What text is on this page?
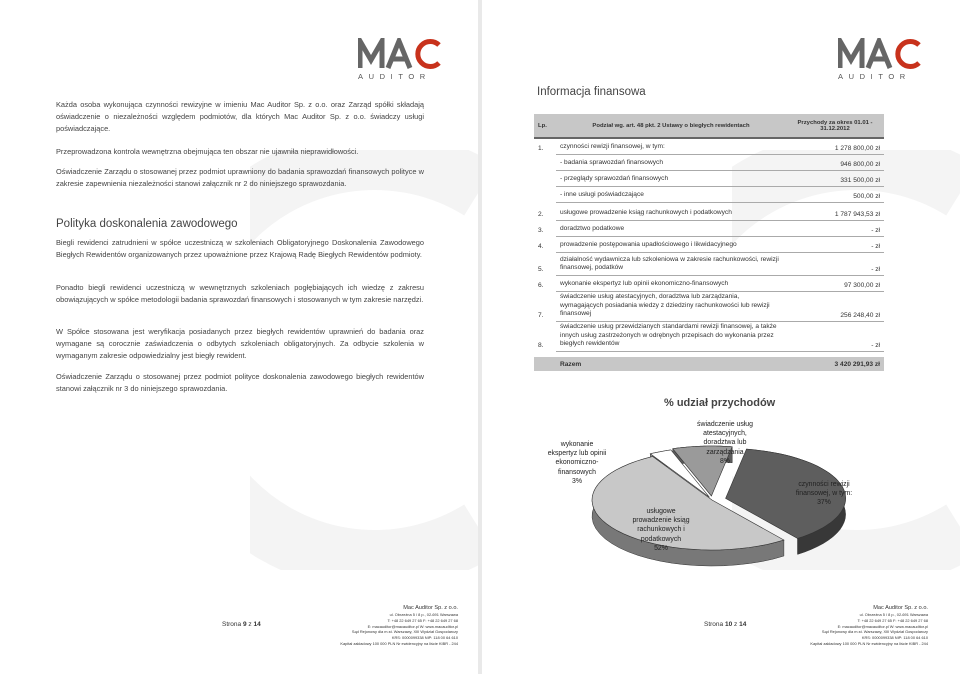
AUDITOR
Każda osoba wykonująca czynności rewizyjne w imieniu Mac Auditor Sp. z o.o. oraz Zarząd spółki składają oświadczenie o niezależności względem podmiotów, dla których Mac Auditor Sp. z o.o. świadczy usługi poświadczające.
Przeprowadzona kontrola wewnętrzna obejmująca ten obszar nie ujawniła nieprawidłowości.
Oświadczenie Zarządu o stosowanej przez podmiot uprawniony do badania sprawozdań finansowych polityce w zakresie zapewnienia niezależności stanowi załącznik nr 2 do niniejszego sprawozdania.
Polityka doskonalenia zawodowego
Biegli rewidenci zatrudnieni w spółce uczestniczą w szkoleniach Obligatoryjnego Doskonalenia Zawodowego Biegłych Rewidentów organizowanych przez upoważnione przez Krajową Radę Biegłych Rewidentów podmioty.
Ponadto biegli rewidenci uczestniczą w wewnętrznych szkoleniach pogłębiających ich wiedzę z zakresu obowiązujących w spółce metodologii badania sprawozdań finansowych i stosowanych w tym zakresie narzędzi.
W Spółce stosowana jest weryfikacja posiadanych przez biegłych rewidentów uprawnień do badania oraz wymagane są corocznie zaświadczenia o odbytych szkoleniach obligatoryjnych. Za odbycie szkolenia w wymaganym zakresie odpowiedzialny jest biegły rewident.
Oświadczenie Zarządu o stosowanej przez podmiot polityce doskonalenia zawodowego biegłych rewidentów stanowi załącznik nr 3 do niniejszego sprawozdania.
Strona 9 z 14
Mac Auditor Sp. z o.o.
ul. Obrzeżna 5 / 8 p., 02-691 Warszawa
T: +48 22 649 27 65 F: +48 22 649 27 68
E: macauditor@macauditor.pl W: www.macauditor.pl
Sąd Rejonowy dla m.st. Warszawy, XIII Wydział Gospodarczy
KRS: 0000099338 NIP: 118 00 64 610
Kapitał zakładowy 100 000 PLN Nr ewidencyjny na liście KIBR - 244
AUDITOR
Informacja finansowa
Lp.	Podział wg. art. 48 pkt. 2 Ustawy o biegłych rewidentach	Przychody za okres 01.01 - 31.12.2012
1.	czynności rewizji finansowej, w tym:	1 278 800,00 zł
	- badania sprawozdań finansowych	946 800,00 zł
	- przeglądy sprawozdań finansowych	331 500,00 zł
	- inne usługi poświadczające	500,00 zł

2.	usługowe prowadzenie ksiąg rachunkowych i podatkowych	1 787 943,53 zł
3.	doradztwo podatkowe	- zł
4.	prowadzenie postępowania upadłościowego i likwidacyjnego	- zł
5.	działalność wydawnicza lub szkoleniowa w zakresie rachunkowości, rewizji finansowej, podatków	- zł
6.	wykonanie ekspertyz lub opinii ekonomiczno-finansowych	97 300,00 zł
7.	świadczenie usług atestacyjnych, doradztwa lub zarządzania, wymagających posiadania wiedzy z dziedziny rachunkowości lub rewizji finansowej	256 248,40 zł
8.	świadczenie usług przewidzianych standardami rewizji finansowej, a także innych usług zastrzeżonych w odrębnych przepisach do wykonania przez biegłych rewidentów	- zł

	Razem	3 420 291,93 zł
% udział przychodów
Strona 10 z 14
Mac Auditor Sp. z o.o.
ul. Obrzeżna 5 / 8 p., 02-691 Warszawa
T: +48 22 649 27 65 F: +48 22 649 27 68
E: macauditor@macauditor.pl W: www.macauditor.pl
Sąd Rejonowy dla m.st. Warszawy, XIII Wydział Gospodarczy
KRS: 0000099338 NIP: 118 00 64 610
Kapitał zakładowy 100 000 PLN Nr ewidencyjny na liście KIBR - 244
czynności rewizji
finansowej, w tym:
37%
usługowe
prowadzenie ksiąg
rachunkowych i
podatkowych
52%
wykonanie
ekspertyz lub opinii
ekonomiczno-
finansowych
3%
świadczenie usług
atestacyjnych,
doradztwa lub
zarządzania
8%
